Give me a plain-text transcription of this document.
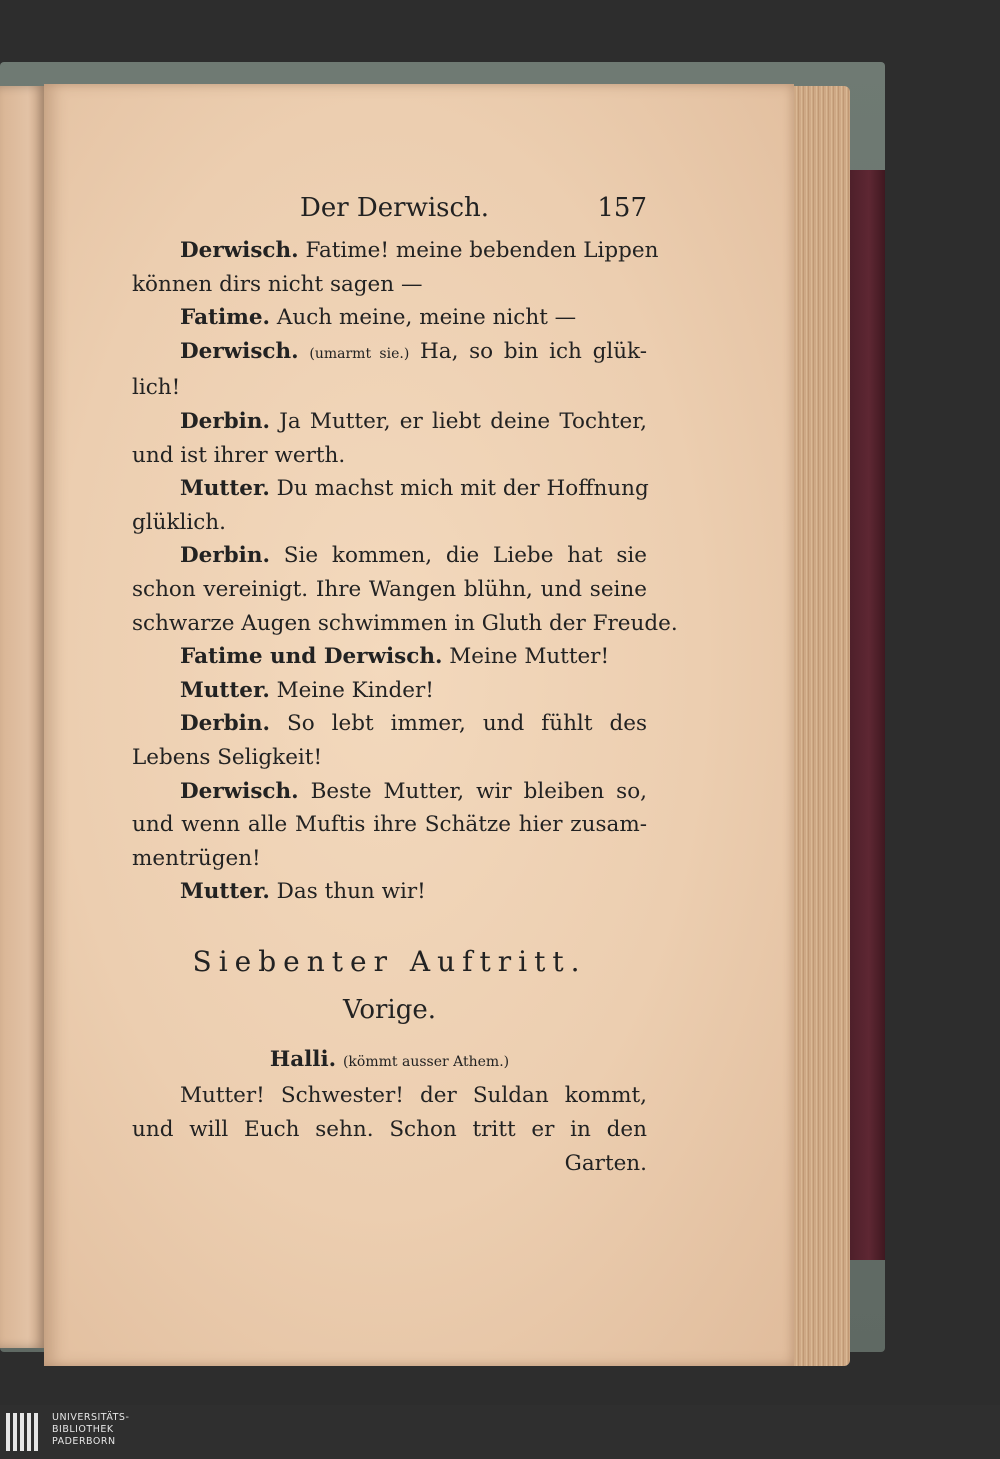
Der Derwisch.	157
Derwisch. Fatime! meine bebenden Lippen
können dirs nicht sagen —
Fatime. Auch meine, meine nicht —
Derwisch. (umarmt sie.) Ha, so bin ich glük-
lich!
Derbin. Ja Mutter, er liebt deine Tochter,
und ist ihrer werth.
Mutter. Du machst mich mit der Hoffnung
glüklich.
Derbin. Sie kommen, die Liebe hat sie
schon vereinigt. Ihre Wangen blühn, und seine
schwarze Augen schwimmen in Gluth der Freude.
Fatime und Derwisch. Meine Mutter!
Mutter. Meine Kinder!
Derbin. So lebt immer, und fühlt des
Lebens Seligkeit!
Derwisch. Beste Mutter, wir bleiben so,
und wenn alle Muftis ihre Schätze hier zusam-
mentrügen!
Mutter. Das thun wir!
Siebenter Auftritt.
Vorige.
Halli. (kömmt ausser Athem.)
Mutter! Schwester! der Suldan kommt,
und will Euch sehn. Schon tritt er in den
Garten.
UNIVERSITÄTS-
BIBLIOTHEK
PADERBORN
